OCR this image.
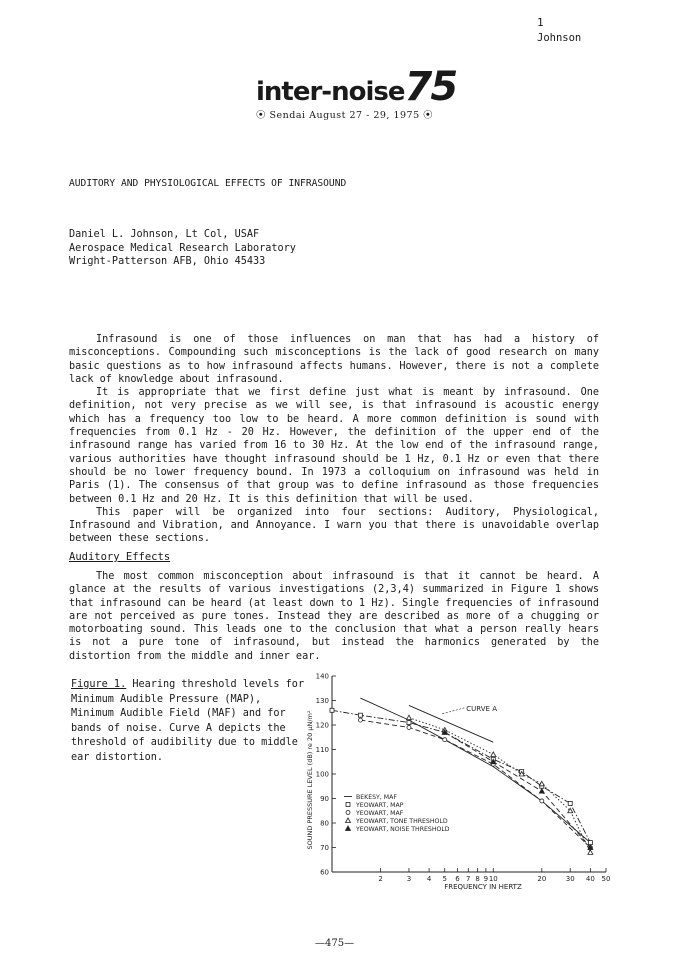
1
Johnson
inter-noise75
⦿ Sendai August 27 - 29, 1975 ⦿
AUDITORY AND PHYSIOLOGICAL EFFECTS OF INFRASOUND
Daniel L. Johnson, Lt Col, USAF
Aerospace Medical Research Laboratory
Wright-Patterson AFB, Ohio 45433

Infrasound is one of those influences on man that has had a history of misconceptions. Compounding such misconceptions is the lack of good research on many basic questions as to how infrasound affects humans. However, there is not a complete lack of knowledge about infrasound.

It is appropriate that we first define just what is meant by infrasound. One definition, not very precise as we will see, is that infrasound is acoustic energy which has a frequency too low to be heard. A more common definition is sound with frequencies from 0.1 Hz - 20 Hz. However, the definition of the upper end of the infrasound range has varied from 16 to 30 Hz. At the low end of the infrasound range, various authorities have thought infrasound should be 1 Hz, 0.1 Hz or even that there should be no lower frequency bound. In 1973 a colloquium on infrasound was held in Paris (1). The consensus of that group was to define infrasound as those frequencies between 0.1 Hz and 20 Hz. It is this definition that will be used.

This paper will be organized into four sections: Auditory, Physiological, Infrasound and Vibration, and Annoyance. I warn you that there is unavoidable overlap between these sections.

Auditory Effects

The most common misconception about infrasound is that it cannot be heard. A glance at the results of various investigations (2,3,4) summarized in Figure 1 shows that infrasound can be heard (at least down to 1 Hz). Single frequencies of infrasound are not perceived as pure tones. Instead they are described as more of a chugging or motorboating sound. This leads one to the conclusion that what a person really hears is not a pure tone of infrasound, but instead the harmonics generated by the distortion from the middle and inner ear.

Figure 1. Hearing threshold levels for Minimum Audible Pressure (MAP), Minimum Audible Field (MAF) and for bands of noise. Curve A depicts the threshold of audibility due to middle ear distortion.
60
70
80
90
100
110
120
130
140
2	3 4 5 6 7 8 9 10	20	30 40 50
CURVE A
BEKESY, MAF
YEOWART, MAP
YEOWART, MAF
YEOWART, TONE THRESHOLD
YEOWART, NOISE THRESHOLD
FREQUENCY IN HERTZ
SOUND PRESSURE LEVEL (dB) re 20 μN/m²
—475—
